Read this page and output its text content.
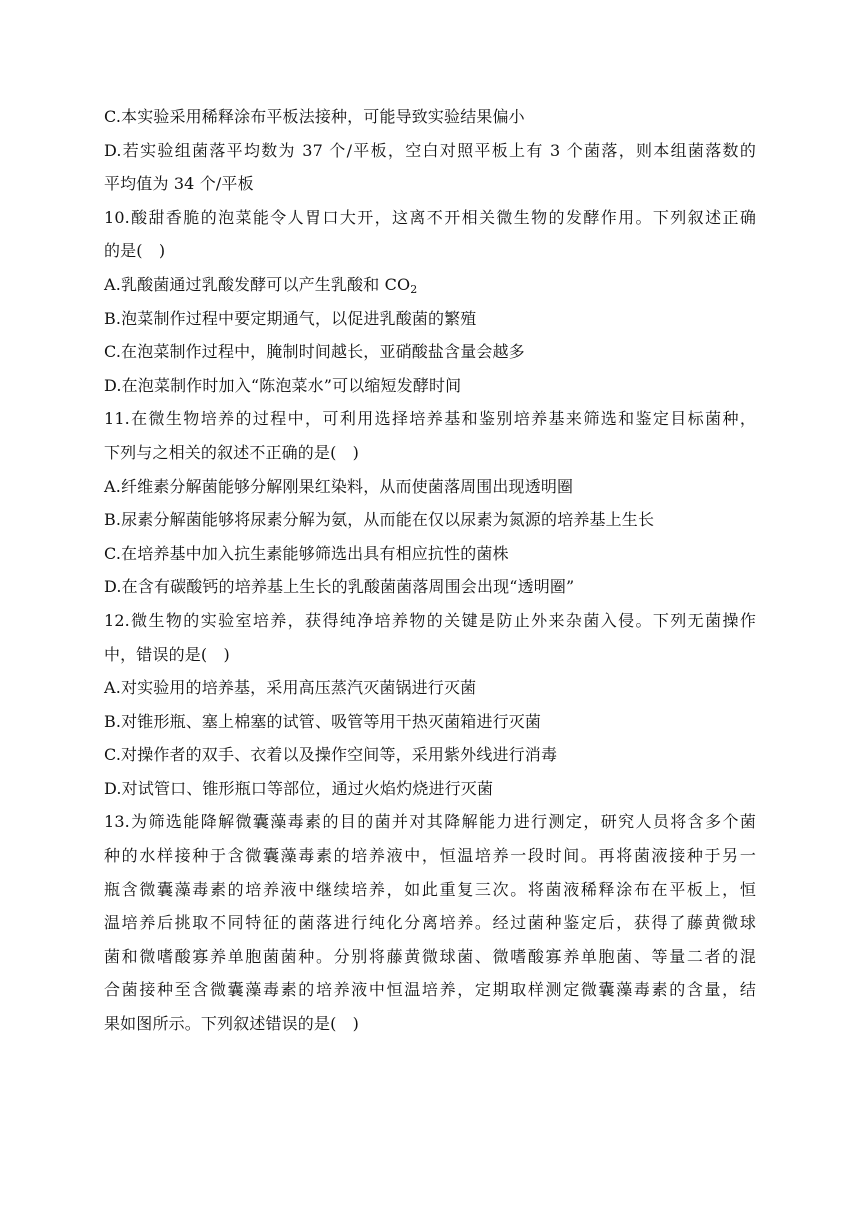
C.本实验采用稀释涂布平板法接种，可能导致实验结果偏小
D.若实验组菌落平均数为 37 个/平板，空白对照平板上有 3 个菌落，则本组菌落数的
平均值为 34 个/平板
10.酸甜香脆的泡菜能令人胃口大开，这离不开相关微生物的发酵作用。下列叙述正确
的是(　)
A.乳酸菌通过乳酸发酵可以产生乳酸和 $CO_2$
B.泡菜制作过程中要定期通气，以促进乳酸菌的繁殖
C.在泡菜制作过程中，腌制时间越长，亚硝酸盐含量会越多
D.在泡菜制作时加入“陈泡菜水”可以缩短发酵时间
11.在微生物培养的过程中，可利用选择培养基和鉴别培养基来筛选和鉴定目标菌种，
下列与之相关的叙述不正确的是(　)
A.纤维素分解菌能够分解刚果红染料，从而使菌落周围出现透明圈
B.尿素分解菌能够将尿素分解为氨，从而能在仅以尿素为氮源的培养基上生长
C.在培养基中加入抗生素能够筛选出具有相应抗性的菌株
D.在含有碳酸钙的培养基上生长的乳酸菌菌落周围会出现“透明圈”
12.微生物的实验室培养，获得纯净培养物的关键是防止外来杂菌入侵。下列无菌操作
中，错误的是(　)
A.对实验用的培养基，采用高压蒸汽灭菌锅进行灭菌
B.对锥形瓶、塞上棉塞的试管、吸管等用干热灭菌箱进行灭菌
C.对操作者的双手、衣着以及操作空间等，采用紫外线进行消毒
D.对试管口、锥形瓶口等部位，通过火焰灼烧进行灭菌
13.为筛选能降解微囊藻毒素的目的菌并对其降解能力进行测定，研究人员将含多个菌
种的水样接种于含微囊藻毒素的培养液中，恒温培养一段时间。再将菌液接种于另一
瓶含微囊藻毒素的培养液中继续培养，如此重复三次。将菌液稀释涂布在平板上，恒
温培养后挑取不同特征的菌落进行纯化分离培养。经过菌种鉴定后，获得了藤黄微球
菌和微嗜酸寡养单胞菌菌种。分别将藤黄微球菌、微嗜酸寡养单胞菌、等量二者的混
合菌接种至含微囊藻毒素的培养液中恒温培养，定期取样测定微囊藻毒素的含量，结
果如图所示。下列叙述错误的是(　)
